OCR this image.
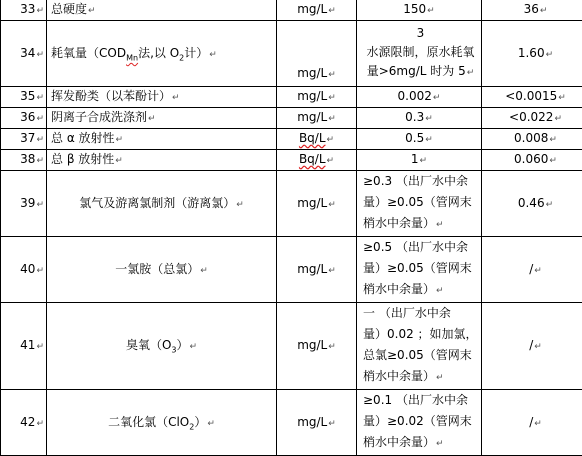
33↵	总硬度↵	mg/L↵	150↵	36↵
34↵	耗氧量（$COD_{Mn}$法,以 $O_2$计）↵	mg/L↵	3
水源限制，原水耗氧
量>6mg/L 时为 5↵	1.60↵
35↵	挥发酚类（以苯酚计）↵	mg/L↵	0.002↵	<0.0015↵
36↵	阴离子合成洗涤剂↵	mg/L↵	0.3↵	<0.022↵
37↵	总 α 放射性↵	Bq/L↵	0.5↵	0.008↵
38↵	总 β 放射性↵	Bq/L↵	1↵	0.060↵
39↵	氯气及游离氯制剂（游离氯）↵	mg/L↵	≥0.3 （出厂水中余
量）≥0.05（管网末
梢水中余量）↵	0.46↵
40↵	一氯胺（总氯）↵	mg/L↵	≥0.5 （出厂水中余
量）≥0.05（管网末
梢水中余量）↵	/↵
41↵	臭氧$(O_3)↵$	mg/L↵	一 （出厂水中余
量）0.02 ；如加氯，
总氯≥0.05（管网末
梢水中余量）↵	/↵
42↵	二氧化氯（ClO$_2$）↵	mg/L↵	≥0.1 （出厂水中余
量）≥0.02（管网末
梢水中余量）↵	/↵
